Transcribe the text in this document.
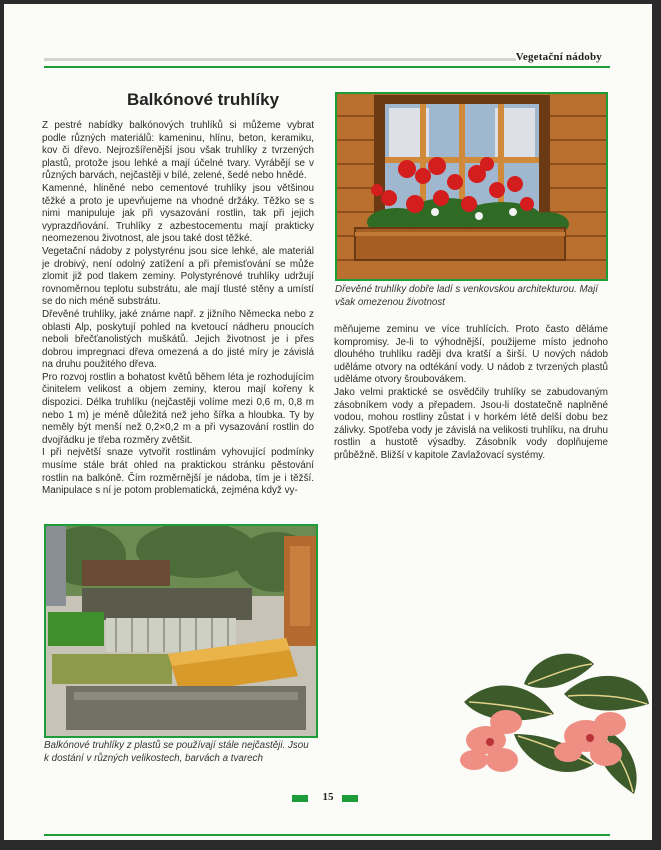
Vegetační nádoby
Balkónové truhlíky

Z pestré nabídky balkónových truhlíků si můžeme vybrat podle různých materiálů: kameninu, hlínu, beton, keramiku, kov či dřevo. Nejrozšířenější jsou však truhlíky z tvrzených plastů, protože jsou lehké a mají účelné tvary. Vyrábějí se v různých barvách, nejčastěji v bílé, zelené, šedé nebo hnědé.

Kamenné, hliněné nebo cementové truhlíky jsou většinou těžké a proto je upevňujeme na vhodné držáky. Těžko se s nimi manipuluje jak při vysazování rostlin, tak při jejich vyprazdňování. Truhlíky z azbestocementu mají prakticky neomezenou životnost, ale jsou také dost těžké.

Vegetační nádoby z polystyrénu jsou sice lehké, ale materiál je drobivý, není odolný zatížení a při přemisťování se může zlomit již pod tlakem zeminy. Polystyrénové truhlíky udržují rovnoměrnou teplotu substrátu, ale mají tlusté stěny a umístí se do nich méně substrátu.

Dřevěné truhlíky, jaké známe např. z jižního Německa nebo z oblasti Alp, poskytují pohled na kvetoucí nádheru pnoucích neboli břečťanolistých muškátů. Jejich životnost je i přes dobrou impregnaci dřeva omezená a do jisté míry je závislá na druhu použitého dřeva.

Pro rozvoj rostlin a bohatost květů během léta je rozhodujícím činitelem velikost a objem zeminy, kterou mají kořeny k dispozici. Délka truhlíku (nejčastěji volíme mezi 0,6 m, 0,8 m nebo 1 m) je méně důležitá než jeho šířka a hloubka. Ty by neměly být menší než 0,2×0,2 m a při vysazování rostlin do dvojřádku je třeba rozměry zvětšit.

I při největší snaze vytvořit rostlinám vyhovující podmínky musíme stále brát ohled na praktickou stránku pěstování rostlin na balkóně. Čím rozměrnější je nádoba, tím je i těžší. Manipulace s ní je potom problematická, zejména když vy-

měňujeme zeminu ve více truhlících. Proto často děláme kompromisy. Je-li to výhodnější, použijeme místo jednoho dlouhého truhlíku raději dva kratší a širší. U nových nádob uděláme otvory na odtékání vody. U nádob z tvrzených plastů uděláme otvory šroubovákem.

Jako velmi praktické se osvědčily truhlíky se zabudovaným zásobníkem vody a přepadem. Jsou-li dostatečně naplněné vodou, mohou rostliny zůstat i v horkém létě delší dobu bez zálivky. Spotřeba vody je závislá na velikosti truhlíku, na druhu rostlin a hustotě výsadby. Zásobník vody doplňujeme průběžně. Bližší v kapitole Zavlažovací systémy.

Dřevěné truhlíky dobře ladí s venkovskou architekturou. Mají však omezenou životnost
Balkónové truhlíky z plastů se používají stále nejčastěji. Jsou k dostání v různých velikostech, barvách a tvarech
15
